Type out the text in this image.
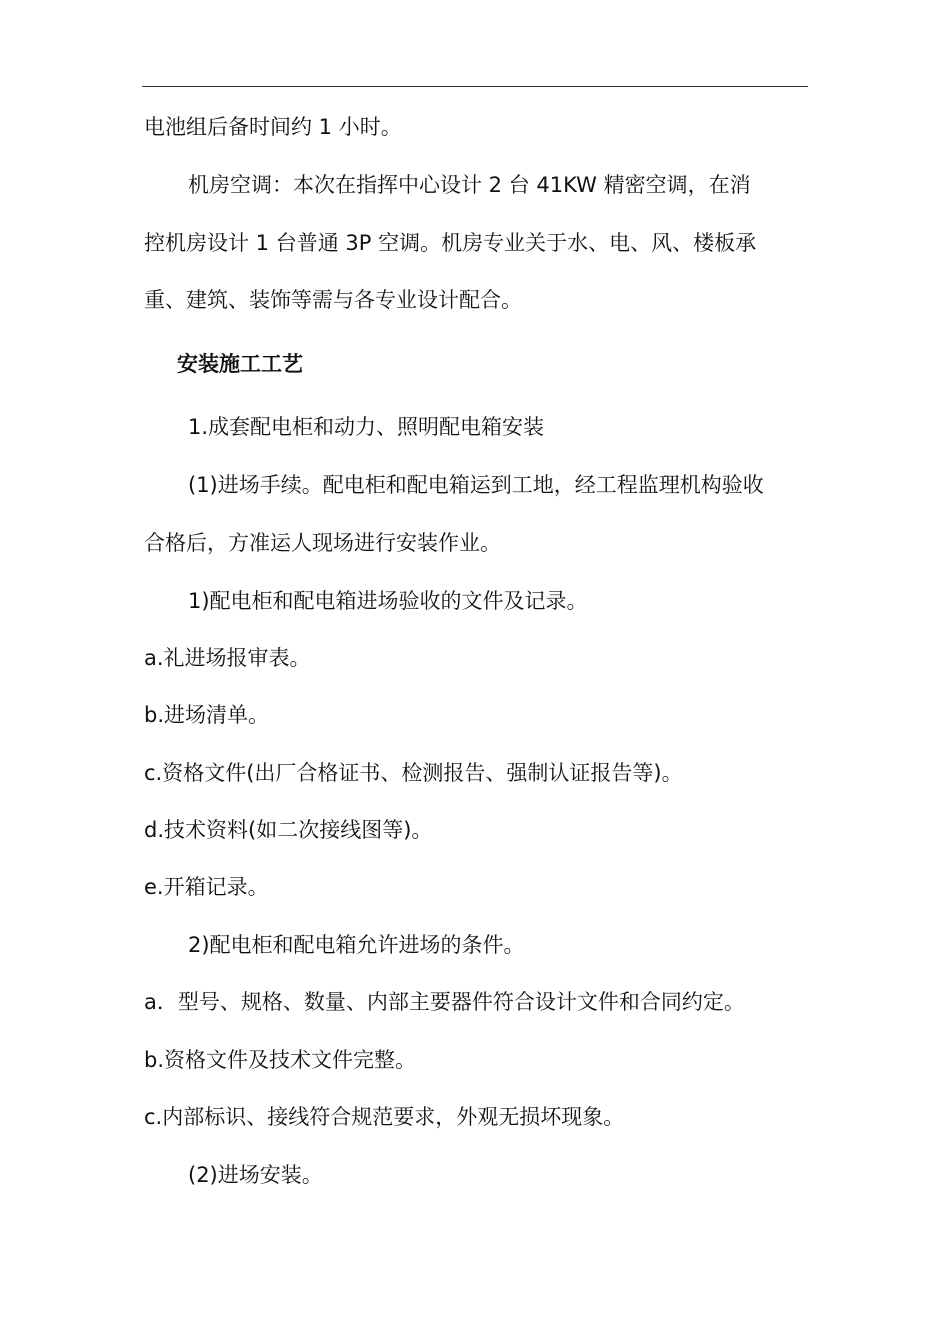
电池组后备时间约 1 小时。
机房空调：本次在指挥中心设计 2 台 41KW 精密空调，在消
控机房设计 1 台普通 3P 空调。机房专业关于水、电、风、楼板承
重、建筑、装饰等需与各专业设计配合。
安装施工工艺
1.成套配电柜和动力、照明配电箱安装
(1)进场手续。配电柜和配电箱运到工地，经工程监理机构验收
合格后，方准运人现场进行安装作业。
1)配电柜和配电箱进场验收的文件及记录。
a.礼进场报审表。
b.进场清单。
c.资格文件(出厂合格证书、检测报告、强制认证报告等)。
d.技术资料(如二次接线图等)。
e.开箱记录。
2)配电柜和配电箱允许进场的条件。
a．型号、规格、数量、内部主要器件符合设计文件和合同约定。
b.资格文件及技术文件完整。
c.内部标识、接线符合规范要求，外观无损坏现象。
(2)进场安装。
